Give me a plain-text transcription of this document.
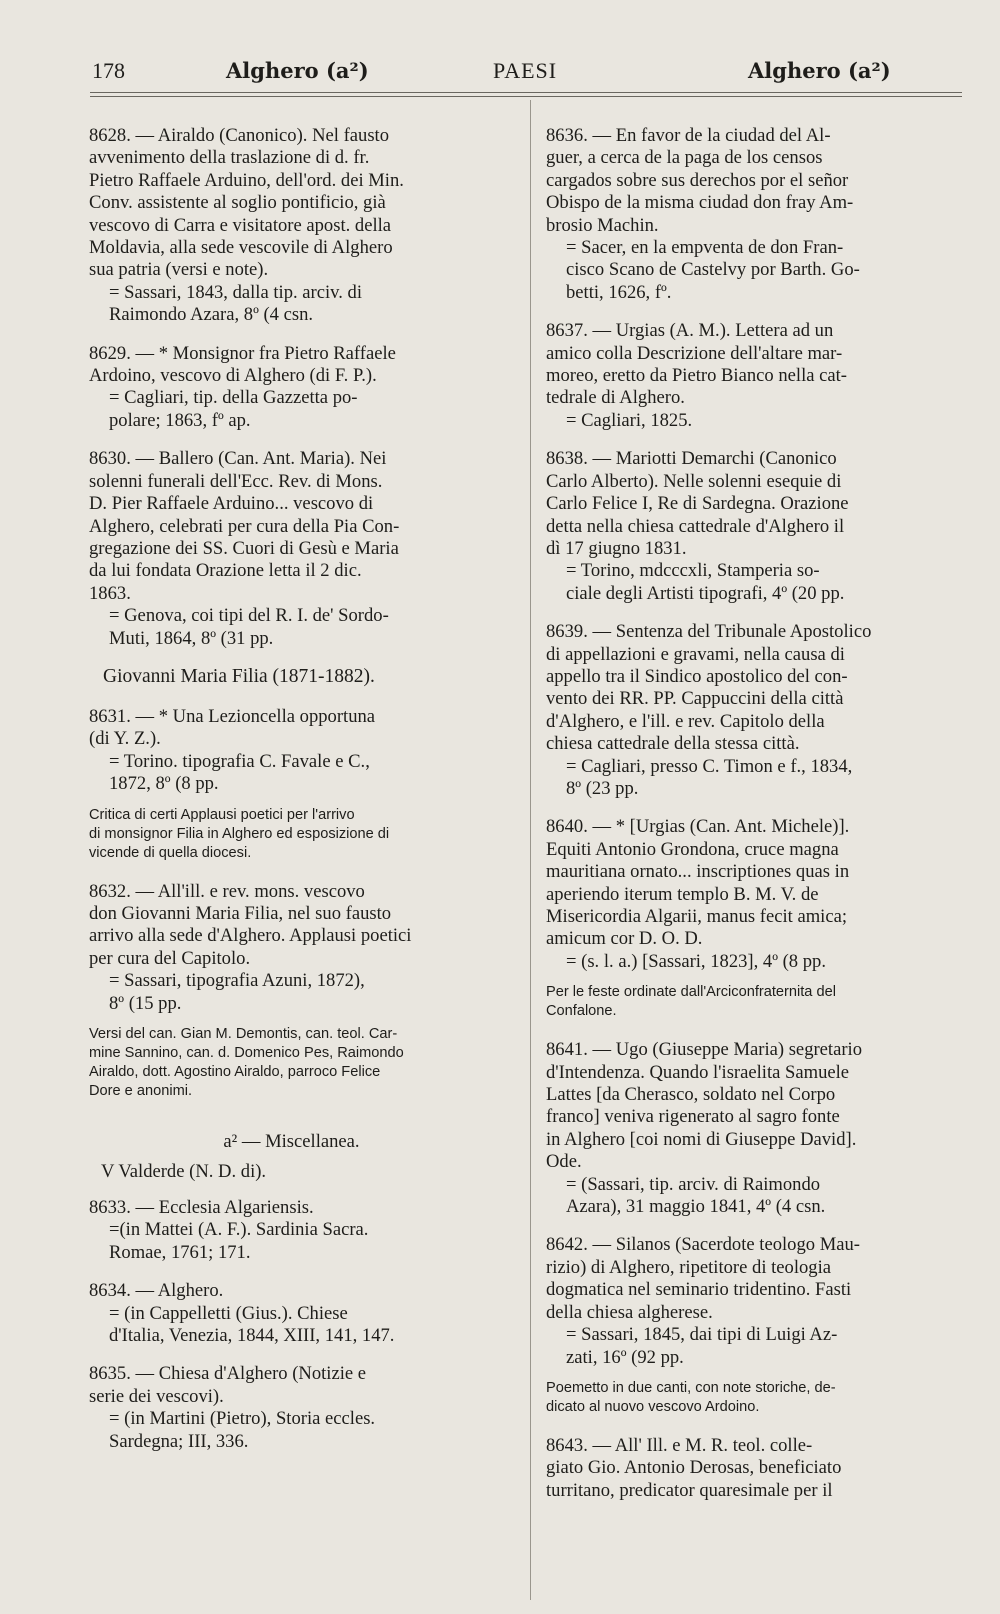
178	Alghero (a²)	PAESI	Alghero (a²)
8628. — Airaldo (Canonico). Nel fausto
avvenimento della traslazione di d. fr.
Pietro Raffaele Arduino, dell'ord. dei Min.
Conv. assistente al soglio pontificio, già
vescovo di Carra e visitatore apost. della
Moldavia, alla sede vescovile di Alghero
sua patria (versi e note).
= Sassari, 1843, dalla tip. arciv. di
Raimondo Azara, 8º (4 csn.
8629. — * Monsignor fra Pietro Raffaele
Ardoino, vescovo di Alghero (di F. P.).
= Cagliari, tip. della Gazzetta po-
polare; 1863, fº ap.
8630. — Ballero (Can. Ant. Maria). Nei
solenni funerali dell'Ecc. Rev. di Mons.
D. Pier Raffaele Arduino... vescovo di
Alghero, celebrati per cura della Pia Con-
gregazione dei SS. Cuori di Gesù e Maria
da lui fondata Orazione letta il 2 dic.
1863.
= Genova, coi tipi del R. I. de' Sordo-
Muti, 1864, 8º (31 pp.
Giovanni Maria Filia (1871-1882).
8631. — * Una Lezioncella opportuna
(di Y. Z.).
= Torino. tipografia C. Favale e C.,
1872, 8º (8 pp.
Critica di certi Applausi poetici per l'arrivo
di monsignor Filia in Alghero ed esposizione di
vicende di quella diocesi.
8632. — All'ill. e rev. mons. vescovo
don Giovanni Maria Filia, nel suo fausto
arrivo alla sede d'Alghero. Applausi poetici
per cura del Capitolo.
= Sassari, tipografia Azuni, 1872),
8º (15 pp.
Versi del can. Gian M. Demontis, can. teol. Car-
mine Sannino, can. d. Domenico Pes, Raimondo
Airaldo, dott. Agostino Airaldo, parroco Felice
Dore e anonimi.
a² — Miscellanea.
V Valderde (N. D. di).
8633. — Ecclesia Algariensis.
=(in Mattei (A. F.). Sardinia Sacra.
Romae, 1761; 171.
8634. — Alghero.
= (in Cappelletti (Gius.). Chiese
d'Italia, Venezia, 1844, XIII, 141, 147.
8635. — Chiesa d'Alghero (Notizie e
serie dei vescovi).
= (in Martini (Pietro), Storia eccles.
Sardegna; III, 336.
8636. — En favor de la ciudad del Al-
guer, a cerca de la paga de los censos
cargados sobre sus derechos por el señor
Obispo de la misma ciudad don fray Am-
brosio Machin.
= Sacer, en la empventa de don Fran-
cisco Scano de Castelvy por Barth. Go-
betti, 1626, fº.
8637. — Urgias (A. M.). Lettera ad un
amico colla Descrizione dell'altare mar-
moreo, eretto da Pietro Bianco nella cat-
tedrale di Alghero.
= Cagliari, 1825.
8638. — Mariotti Demarchi (Canonico
Carlo Alberto). Nelle solenni esequie di
Carlo Felice I, Re di Sardegna. Orazione
detta nella chiesa cattedrale d'Alghero il
dì 17 giugno 1831.
= Torino, mdcccxli, Stamperia so-
ciale degli Artisti tipografi, 4º (20 pp.
8639. — Sentenza del Tribunale Apostolico
di appellazioni e gravami, nella causa di
appello tra il Sindico apostolico del con-
vento dei RR. PP. Cappuccini della città
d'Alghero, e l'ill. e rev. Capitolo della
chiesa cattedrale della stessa città.
= Cagliari, presso C. Timon e f., 1834,
8º (23 pp.
8640. — * [Urgias (Can. Ant. Michele)].
Equiti Antonio Grondona, cruce magna
mauritiana ornato... inscriptiones quas in
aperiendo iterum templo B. M. V. de
Misericordia Algarii, manus fecit amica;
amicum cor D. O. D.
= (s. l. a.) [Sassari, 1823], 4º (8 pp.
Per le feste ordinate dall'Arciconfraternita del
Confalone.
8641. — Ugo (Giuseppe Maria) segretario
d'Intendenza. Quando l'israelita Samuele
Lattes [da Cherasco, soldato nel Corpo
franco] veniva rigenerato al sagro fonte
in Alghero [coi nomi di Giuseppe David].
Ode.
= (Sassari, tip. arciv. di Raimondo
Azara), 31 maggio 1841, 4º (4 csn.
8642. — Silanos (Sacerdote teologo Mau-
rizio) di Alghero, ripetitore di teologia
dogmatica nel seminario tridentino. Fasti
della chiesa algherese.
= Sassari, 1845, dai tipi di Luigi Az-
zati, 16º (92 pp.
Poemetto in due canti, con note storiche, de-
dicato al nuovo vescovo Ardoino.
8643. — All' Ill. e M. R. teol. colle-
giato Gio. Antonio Derosas, beneficiato
turritano, predicator quaresimale per il
